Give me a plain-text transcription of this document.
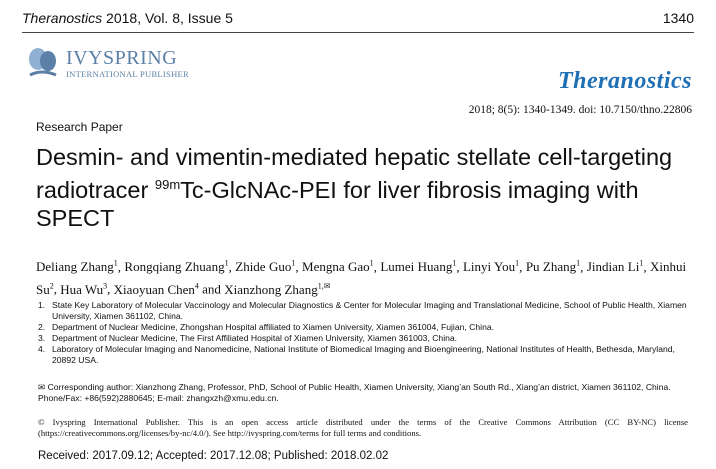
Theranostics 2018, Vol. 8, Issue 5	1340
IVYSPRING
INTERNATIONAL PUBLISHER	Theranostics
2018; 8(5): 1340-1349. doi: 10.7150/thno.22806
Research Paper
Desmin- and vimentin-mediated hepatic stellate cell-targeting radiotracer $^{99m}$Tc-GlcNAc-PEI for liver fibrosis imaging with SPECT
Deliang Zhang$^1$, Rongqiang Zhuang$^1$, Zhide Guo$^1$, Mengna Gao$^1$, Lumei Huang$^1$, Linyi You$^1$, Pu Zhang$^1$, Jindian Li$^1$, Xinhui Su$^2$, Hua Wu$^3$, Xiaoyuan Chen$^4$ and Xianzhong Zhang$^{1,✉}$
1. State Key Laboratory of Molecular Vaccinology and Molecular Diagnostics & Center for Molecular Imaging and Translational Medicine, School of Public Health, Xiamen University, Xiamen 361102, China.
2. Department of Nuclear Medicine, Zhongshan Hospital affiliated to Xiamen University, Xiamen 361004, Fujian, China.
3. Department of Nuclear Medicine, The First Affiliated Hospital of Xiamen University, Xiamen 361003, China.
4. Laboratory of Molecular Imaging and Nanomedicine, National Institute of Biomedical Imaging and Bioengineering, National Institutes of Health, Bethesda, Maryland, 20892 USA.
✉ Corresponding author: Xianzhong Zhang, Professor, PhD, School of Public Health, Xiamen University, Xiang’an South Rd., Xiang’an district, Xiamen 361102, China. Phone/Fax: +86(592)2880645; E-mail: zhangxzh@xmu.edu.cn.
© Ivyspring International Publisher. This is an open access article distributed under the terms of the Creative Commons Attribution (CC BY-NC) license (https://creativecommons.org/licenses/by-nc/4.0/). See http://ivyspring.com/terms for full terms and conditions.
Received: 2017.09.12; Accepted: 2017.12.08; Published: 2018.02.02
